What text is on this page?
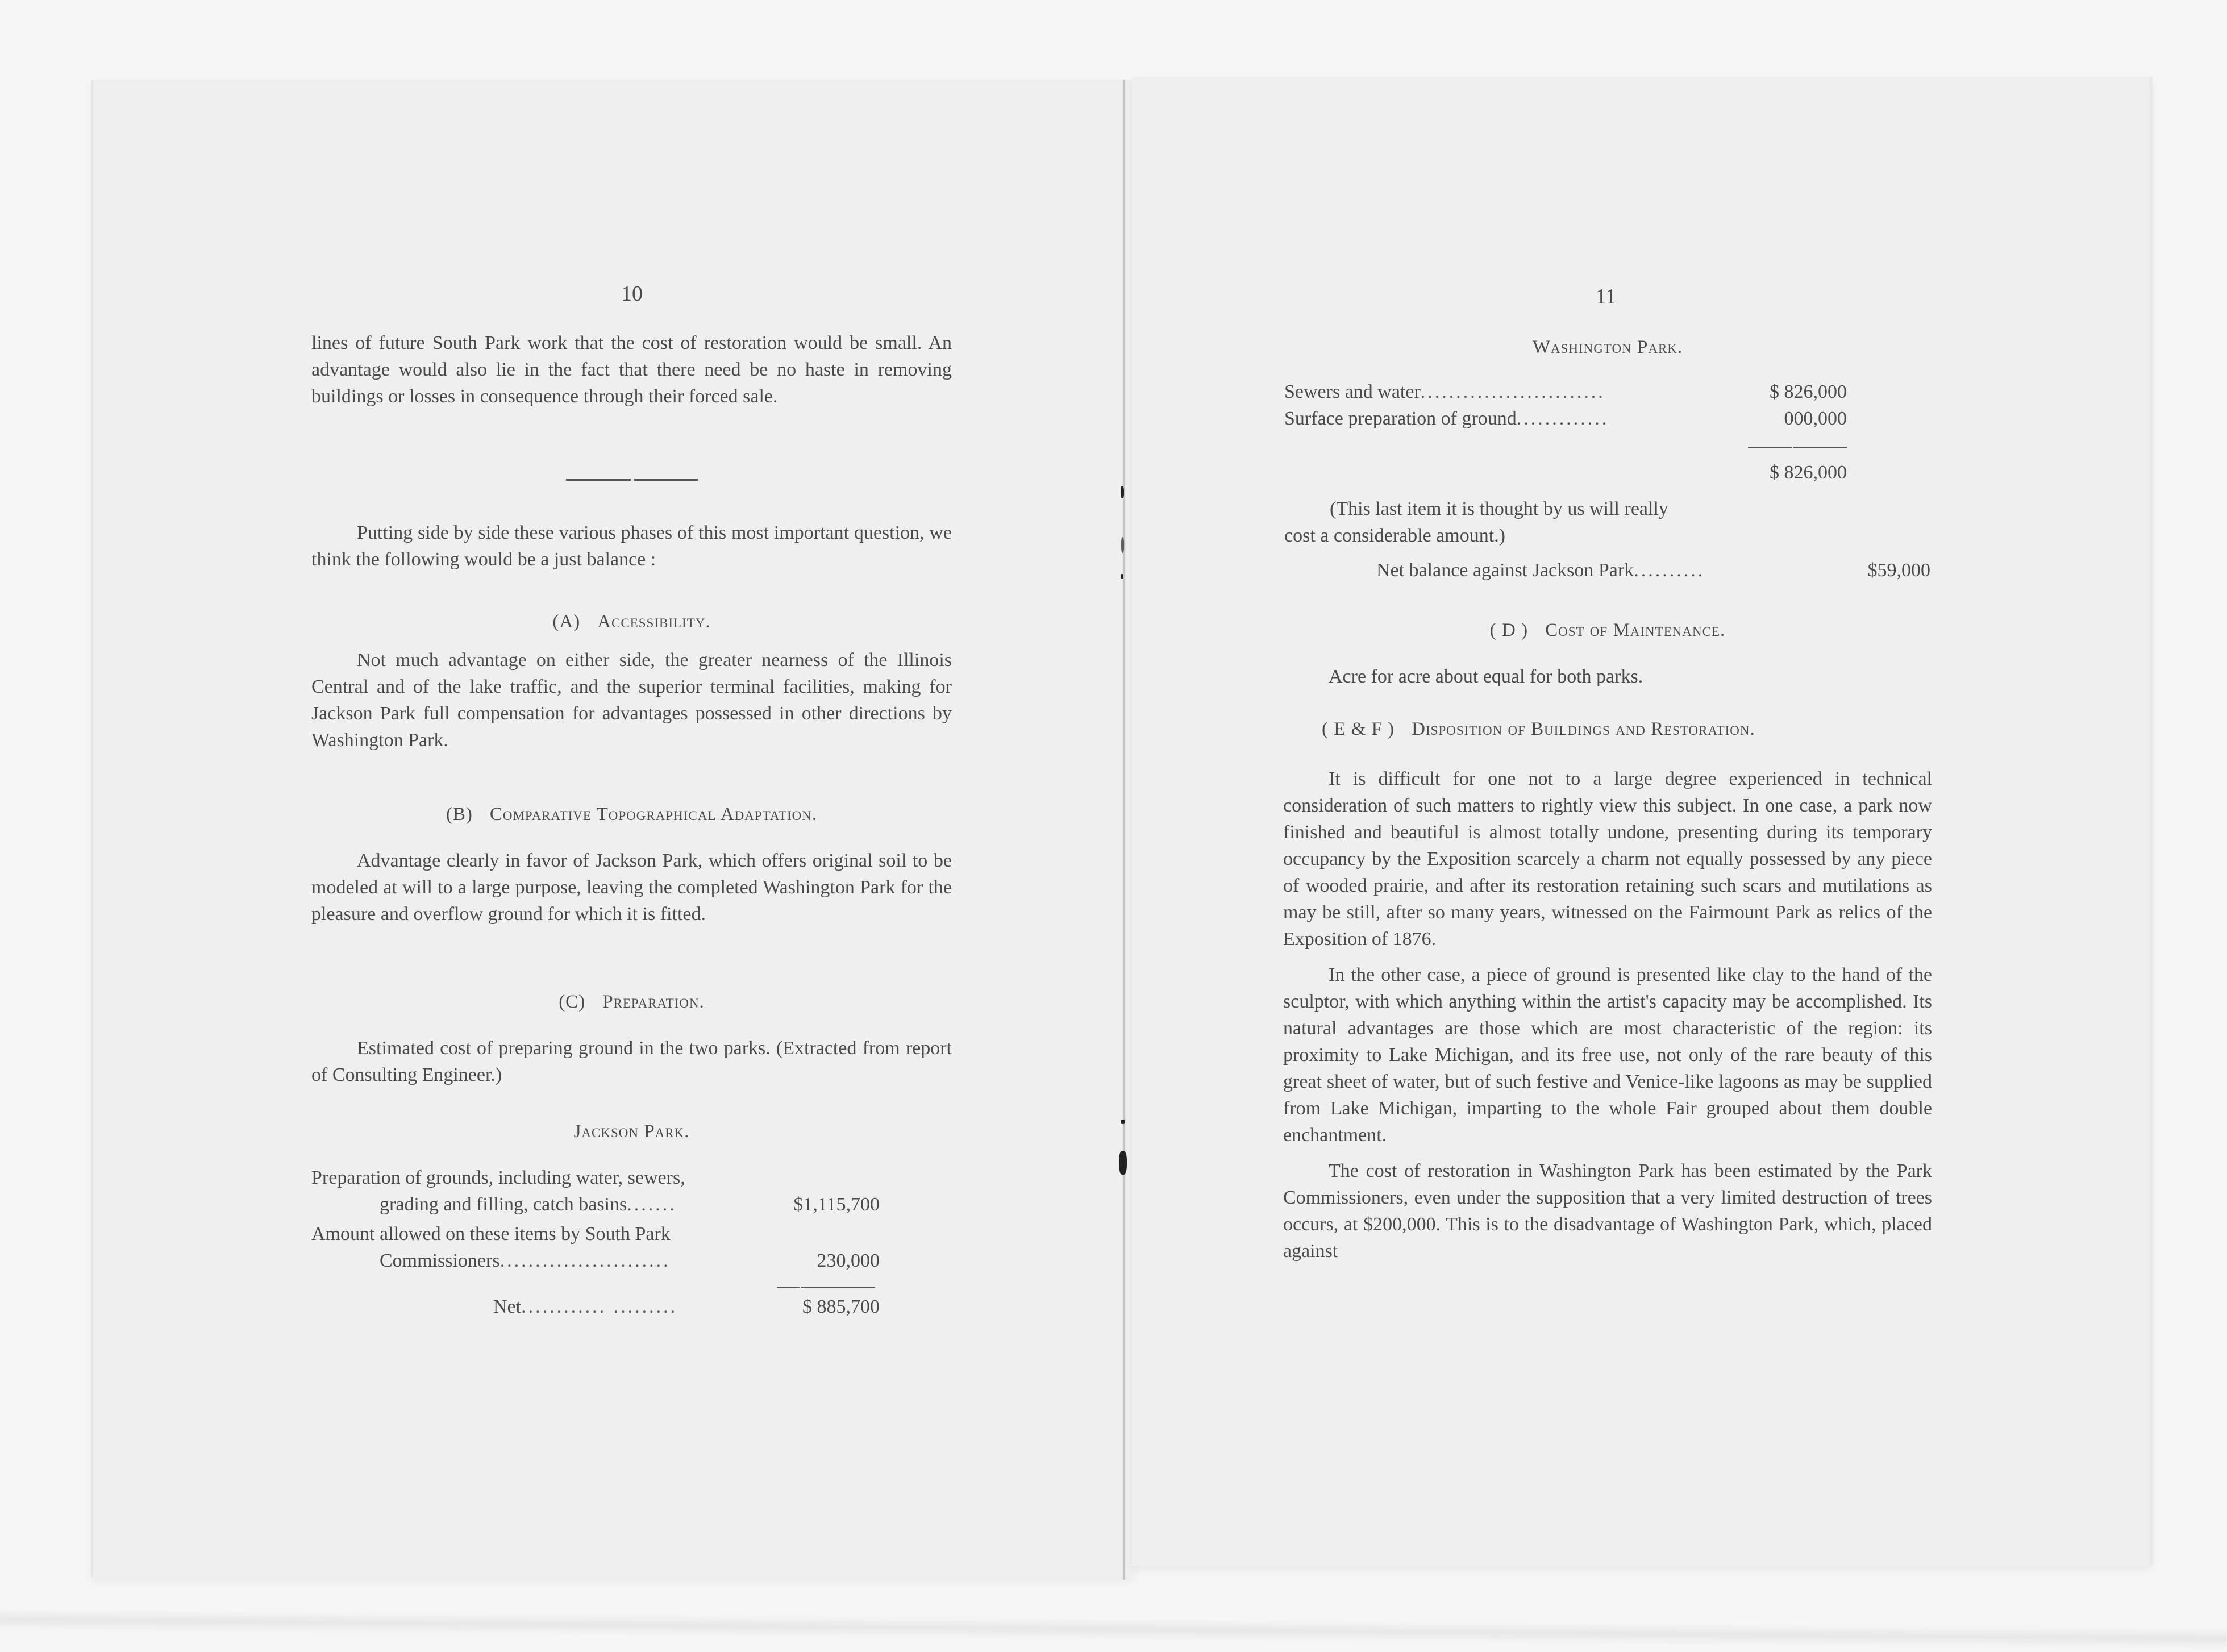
10

lines of future South Park work that the cost of restoration would be small. An advantage would also lie in the fact that there need be no haste in removing buildings or losses in consequence through their forced sale.

Putting side by side these various phases of this most important question, we think the following would be a just balance :

(A) Accessibility.

Not much advantage on either side, the greater nearness of the Illinois Central and of the lake traffic, and the superior terminal facilities, making for Jackson Park full compensation for advantages possessed in other directions by Washington Park.

(B) Comparative Topographical Adaptation.

Advantage clearly in favor of Jackson Park, which offers original soil to be modeled at will to a large purpose, leaving the completed Washington Park for the pleasure and overflow ground for which it is fitted.

(C) Preparation.

Estimated cost of preparing ground in the two parks. (Extracted from report of Consulting Engineer.)

Jackson Park.

Preparation of grounds, including water, sewers,
grading and filling, catch basins .......	$1,115,700
Amount allowed on these items by South Park
Commissioners ........................	230,000
Net ............ .........	$ 885,700
11

Washington Park.

Sewers and water ..........................	$ 826,000
Surface preparation of ground .............	000,000
$ 826,000
(This last item it is thought by us will really
cost a considerable amount.)
Net balance against Jackson Park ..........	$59,000

( D ) Cost of Maintenance.

Acre for acre about equal for both parks.

( E & F ) Disposition of Buildings and Restoration.

It is difficult for one not to a large degree experienced in technical consideration of such matters to rightly view this subject. In one case, a park now finished and beautiful is almost totally undone, presenting during its temporary occupancy by the Exposition scarcely a charm not equally possessed by any piece of wooded prairie, and after its restoration retaining such scars and mutilations as may be still, after so many years, witnessed on the Fairmount Park as relics of the Exposition of 1876.

In the other case, a piece of ground is presented like clay to the hand of the sculptor, with which anything within the artist's capacity may be accomplished. Its natural advantages are those which are most characteristic of the region: its proximity to Lake Michigan, and its free use, not only of the rare beauty of this great sheet of water, but of such festive and Venice-like lagoons as may be supplied from Lake Michigan, imparting to the whole Fair grouped about them double enchantment.

The cost of restoration in Washington Park has been estimated by the Park Commissioners, even under the supposition that a very limited destruction of trees occurs, at $200,000. This is to the disadvantage of Washington Park, which, placed against
